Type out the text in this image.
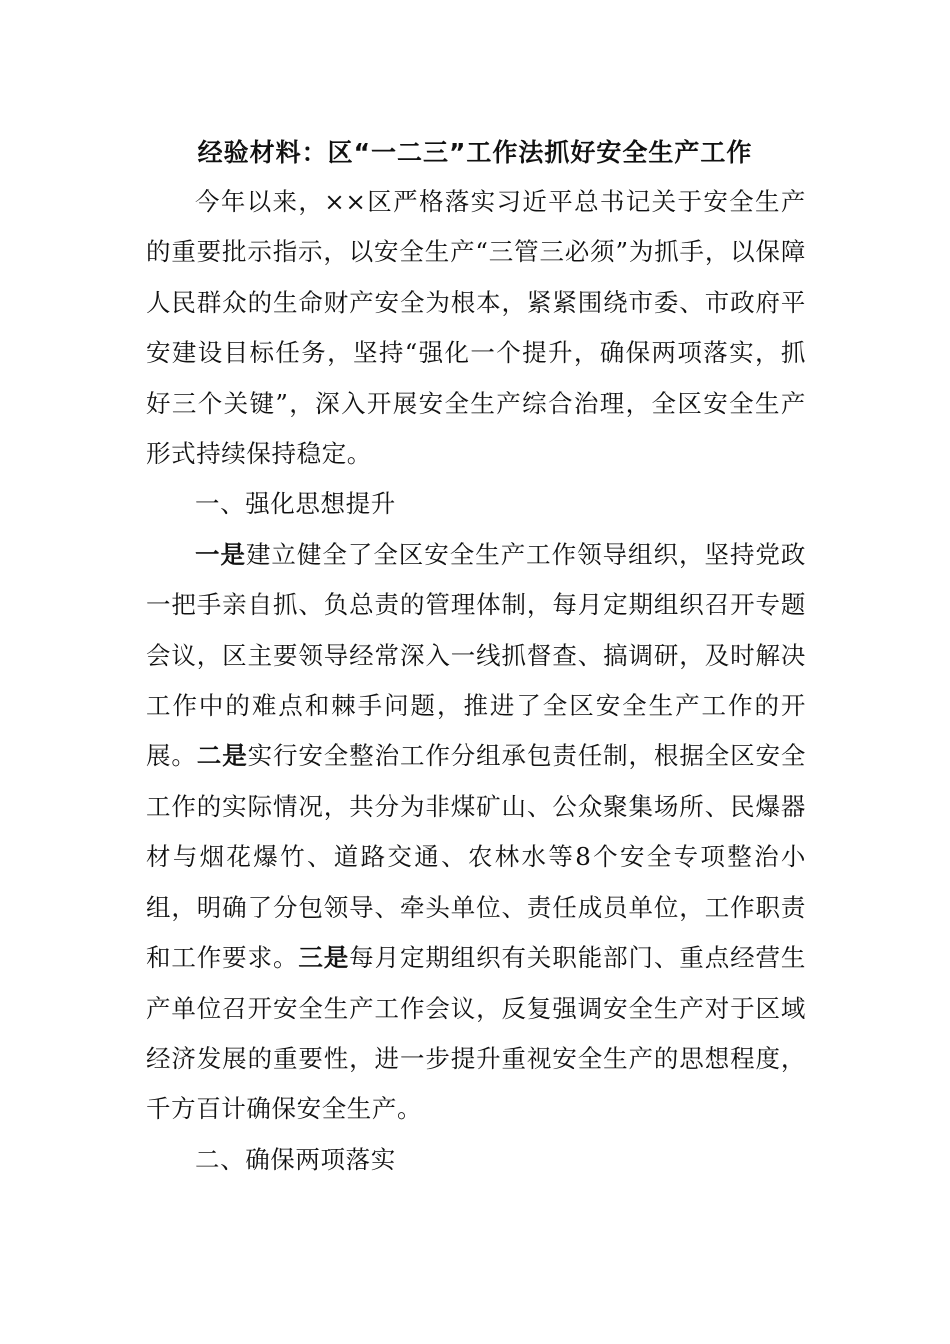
经验材料：区“一二三”工作法抓好安全生产工作

今年以来，××区严格落实习近平总书记关于安全生产的重要批示指示，以安全生产“三管三必须”为抓手，以保障人民群众的生命财产安全为根本，紧紧围绕市委、市政府平安建设目标任务，坚持“强化一个提升，确保两项落实，抓好三个关键”，深入开展安全生产综合治理，全区安全生产形式持续保持稳定。

一、强化思想提升

一是建立健全了全区安全生产工作领导组织，坚持党政一把手亲自抓、负总责的管理体制，每月定期组织召开专题会议，区主要领导经常深入一线抓督查、搞调研，及时解决工作中的难点和棘手问题，推进了全区安全生产工作的开展。二是实行安全整治工作分组承包责任制，根据全区安全工作的实际情况，共分为非煤矿山、公众聚集场所、民爆器材与烟花爆竹、道路交通、农林水等8个安全专项整治小组，明确了分包领导、牵头单位、责任成员单位，工作职责和工作要求。三是每月定期组织有关职能部门、重点经营生产单位召开安全生产工作会议，反复强调安全生产对于区域经济发展的重要性，进一步提升重视安全生产的思想程度，千方百计确保安全生产。

二、确保两项落实
